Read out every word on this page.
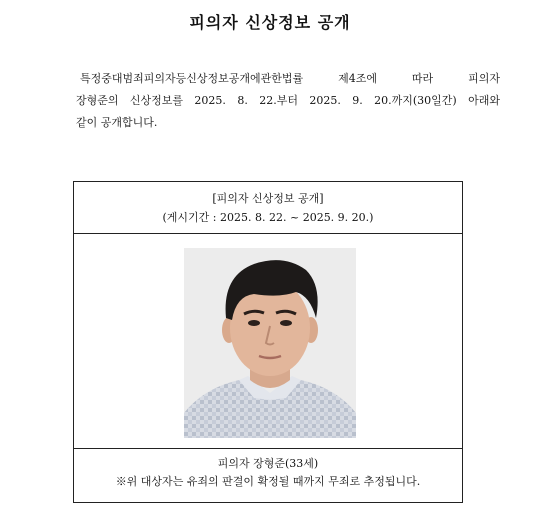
피의자 신상정보 공개
특정중대범죄피의자등신상정보공개에관한법률 제4조에 따라 피의자
장형준의 신상정보를 2025. 8. 22.부터 2025. 9. 20.까지(30일간) 아래와
같이 공개합니다.
[피의자 신상정보 공개]
(게시기간 : 2025. 8. 22. ~ 2025. 9. 20.)
피의자 장형준(33세)
※위 대상자는 유죄의 판결이 확정될 때까지 무죄로 추정됩니다.
